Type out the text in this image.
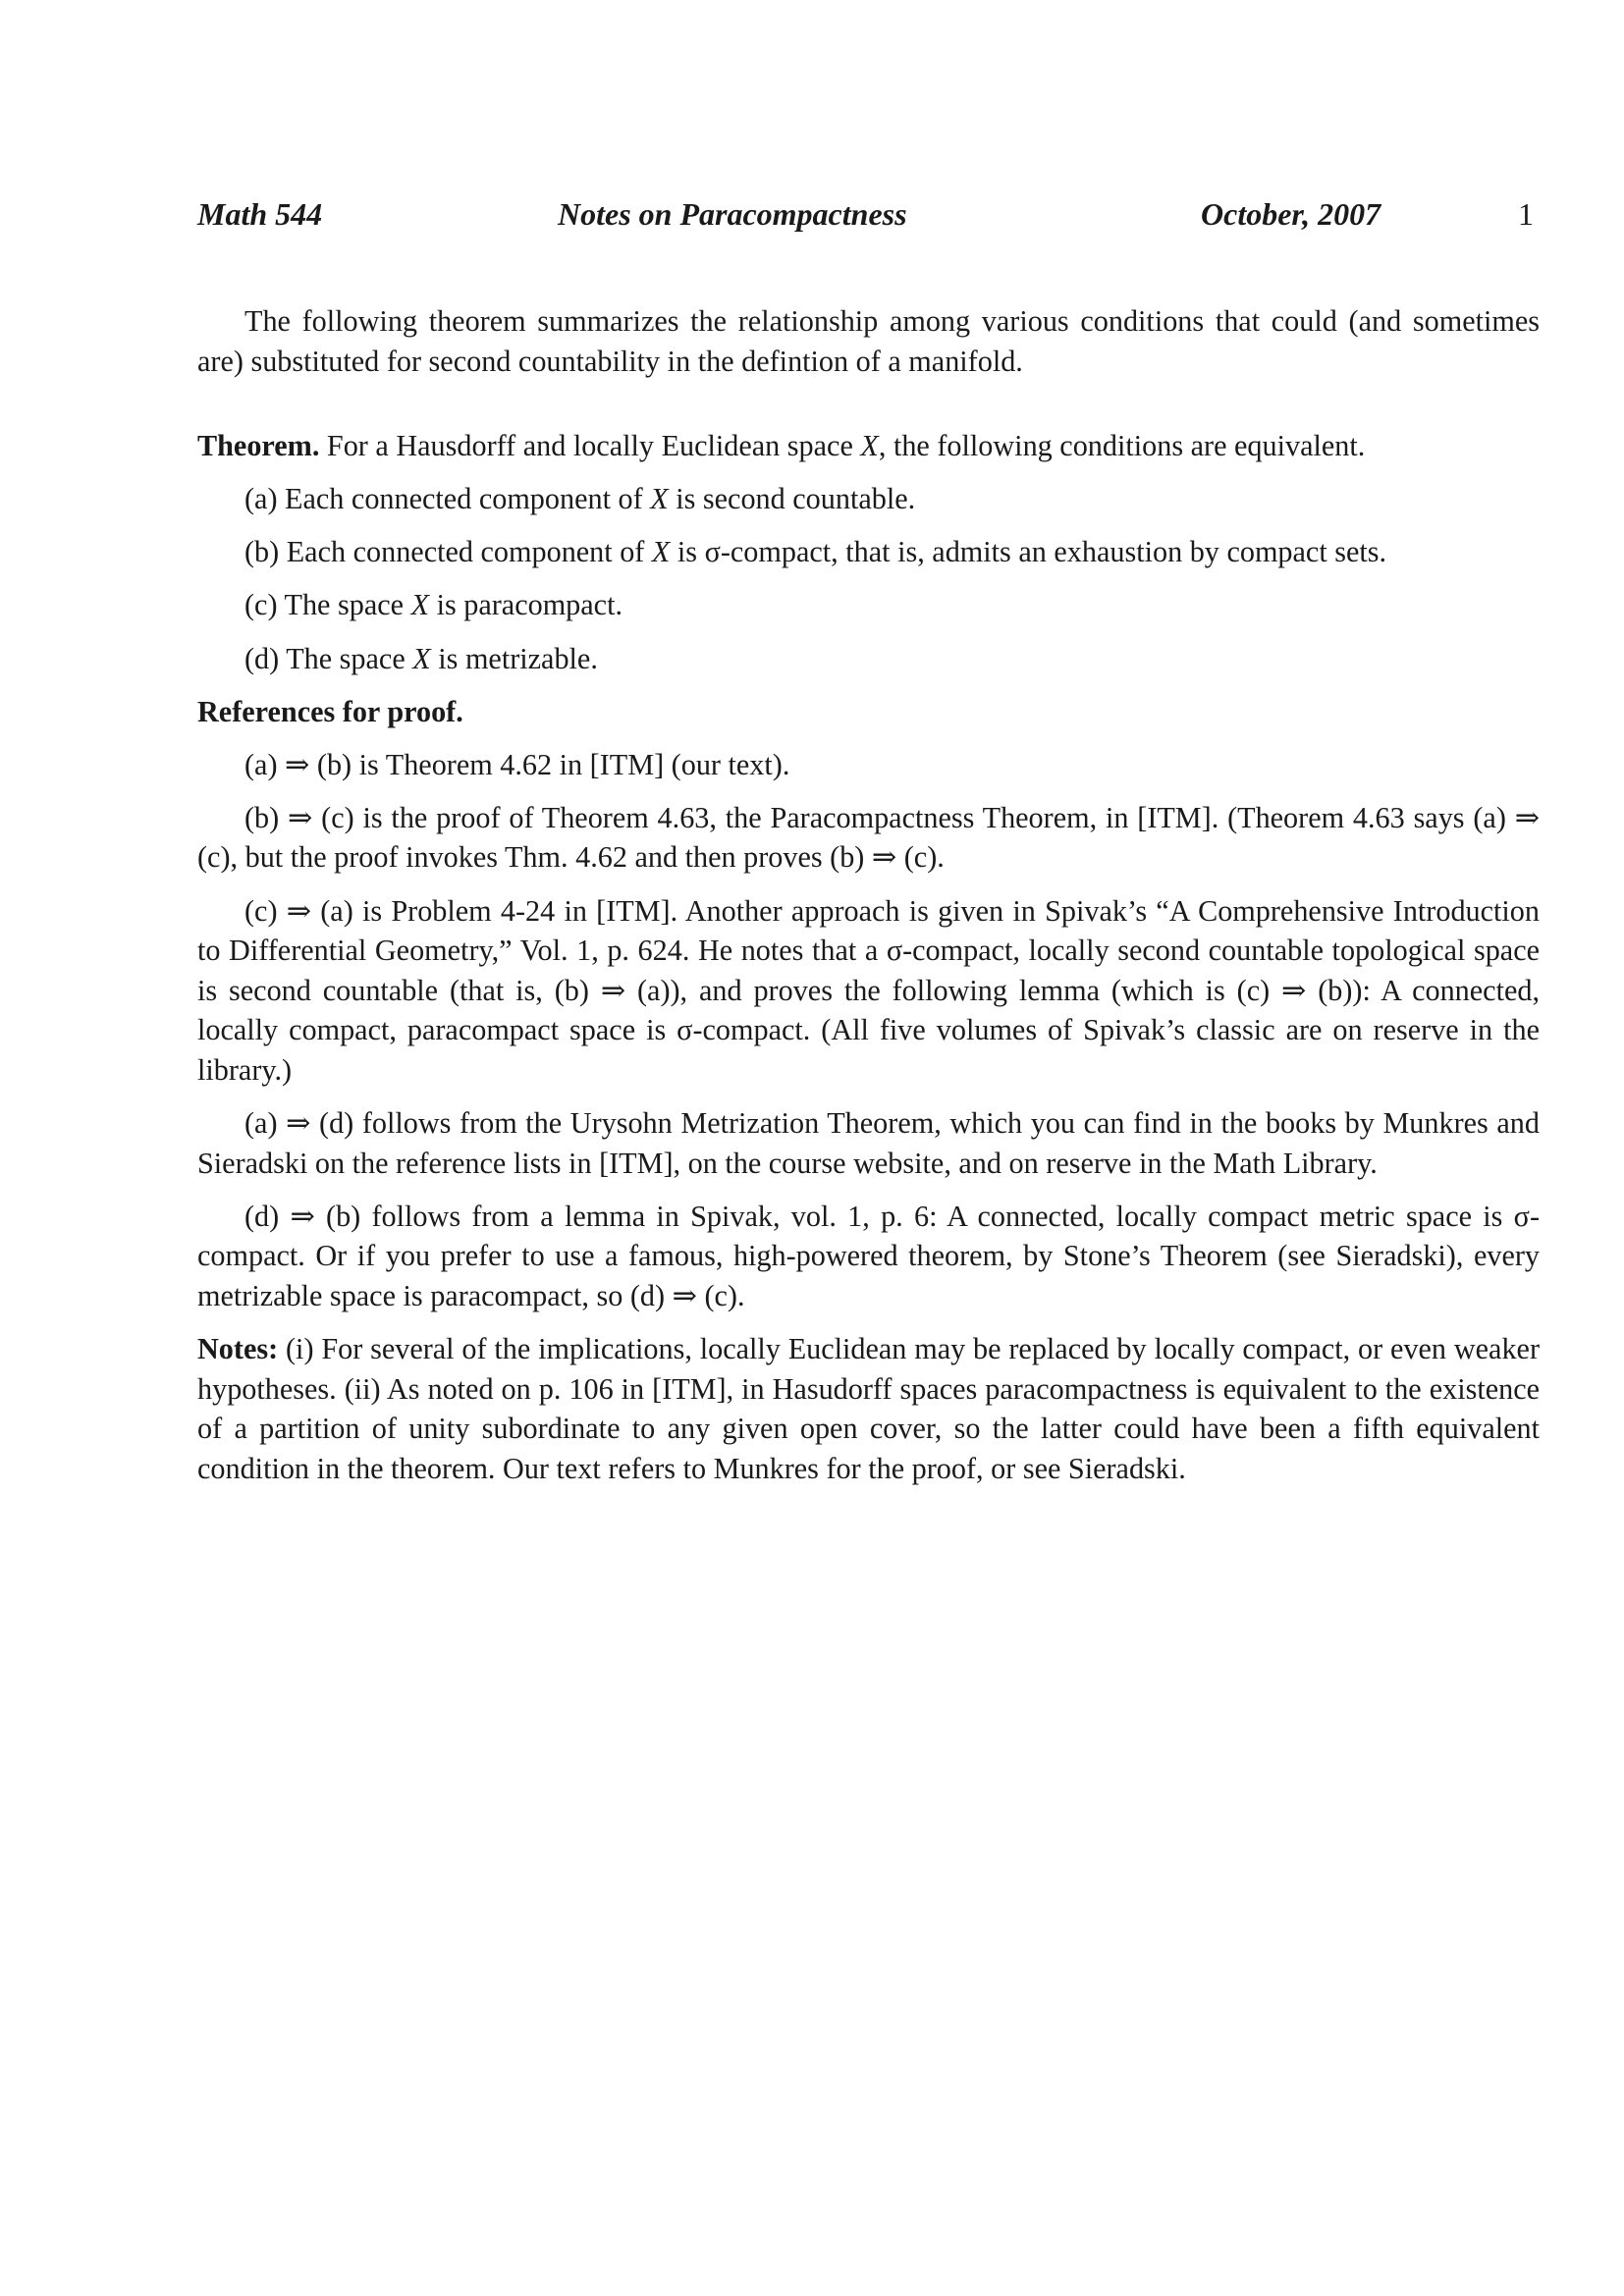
Math 544	Notes on Paracompactness	October, 2007	1

The following theorem summarizes the relationship among various conditions that could (and sometimes are) substituted for second countability in the defintion of a manifold.

Theorem. For a Hausdorff and locally Euclidean space X, the following conditions are equivalent.

(a) Each connected component of X is second countable.

(b) Each connected component of X is σ-compact, that is, admits an exhaustion by compact sets.

(c) The space X is paracompact.

(d) The space X is metrizable.

References for proof.

(a) ⇒ (b) is Theorem 4.62 in [ITM] (our text).

(b) ⇒ (c) is the proof of Theorem 4.63, the Paracompactness Theorem, in [ITM]. (Theorem 4.63 says (a) ⇒ (c), but the proof invokes Thm. 4.62 and then proves (b) ⇒ (c).

(c) ⇒ (a) is Problem 4-24 in [ITM]. Another approach is given in Spivak’s “A Comprehensive Introduction to Differential Geometry,” Vol. 1, p. 624. He notes that a σ-compact, locally second countable topological space is second countable (that is, (b) ⇒ (a)), and proves the following lemma (which is (c) ⇒ (b)): A connected, locally compact, paracompact space is σ-compact. (All five volumes of Spivak’s classic are on reserve in the library.)

(a) ⇒ (d) follows from the Urysohn Metrization Theorem, which you can find in the books by Munkres and Sieradski on the reference lists in [ITM], on the course website, and on reserve in the Math Library.

(d) ⇒ (b) follows from a lemma in Spivak, vol. 1, p. 6: A connected, locally compact metric space is σ-compact. Or if you prefer to use a famous, high-powered theorem, by Stone’s Theorem (see Sieradski), every metrizable space is paracompact, so (d) ⇒ (c).

Notes: (i) For several of the implications, locally Euclidean may be replaced by locally compact, or even weaker hypotheses. (ii) As noted on p. 106 in [ITM], in Hasudorff spaces paracompactness is equivalent to the existence of a partition of unity subordinate to any given open cover, so the latter could have been a fifth equivalent condition in the theorem. Our text refers to Munkres for the proof, or see Sieradski.
